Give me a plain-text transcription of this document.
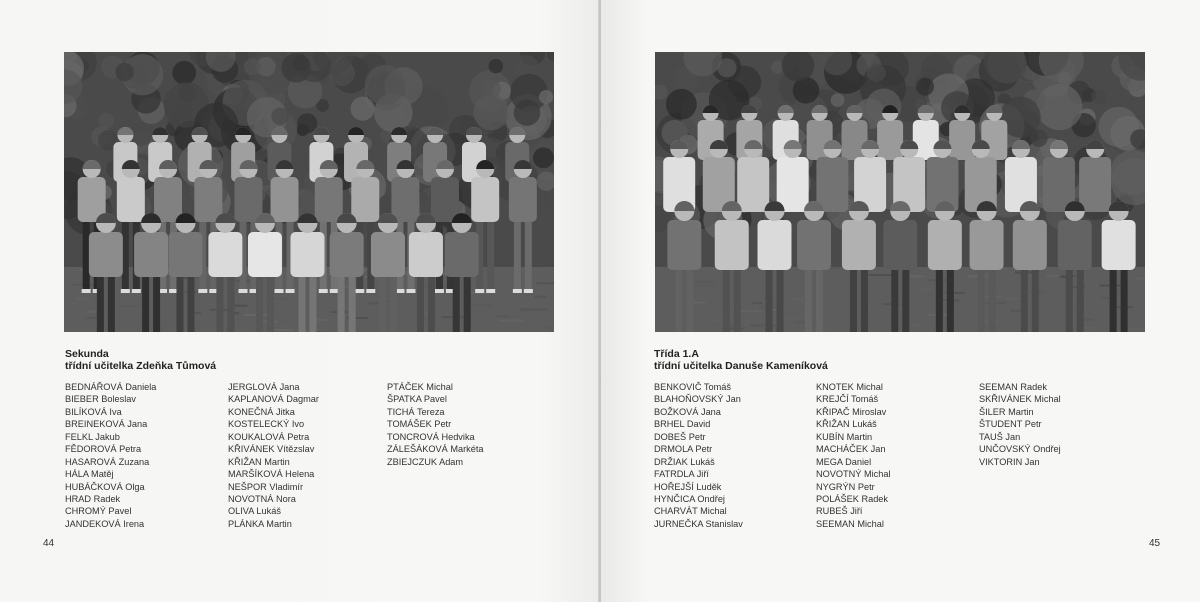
Sekunda
třídní učitelka Zdeňka Tůmová
BEDNÁŘOVÁ Daniela
BIEBER Boleslav
BILÍKOVÁ Iva
BREINEKOVÁ Jana
FELKL Jakub
FĚDOROVÁ Petra
HASAROVÁ Zuzana
HÁLA Matěj
HUBÁČKOVÁ Olga
HRAD Radek
CHROMÝ Pavel
JANDEKOVÁ Irena
JERGLOVÁ Jana
KAPLANOVÁ Dagmar
KONEČNÁ Jitka
KOSTELECKÝ Ivo
KOUKALOVÁ Petra
KŘIVÁNEK Vítězslav
KŘIŽAN Martin
MARŠÍKOVÁ Helena
NEŠPOR Vladimír
NOVOTNÁ Nora
OLIVA Lukáš
PLÁNKA Martin
PTÁČEK Michal
ŠPATKA Pavel
TICHÁ Tereza
TOMÁŠEK Petr
TONCROVÁ Hedvika
ZÁLEŠÁKOVÁ Markéta
ZBIEJCZUK Adam
44
Třída 1.A
třídní učitelka Danuše Kameníková
BENKOVIČ Tomáš
BLAHOŇOVSKÝ Jan
BOŽKOVÁ Jana
BRHEL David
DOBEŠ Petr
DRMOLA Petr
DRŽIAK Lukáš
FATRDLA Jiří
HOŘEJŠÍ Luděk
HYNČICA Ondřej
CHARVÁT Michal
JURNEČKA Stanislav
KNOTEK Michal
KREJČÍ Tomáš
KŘIPAČ Miroslav
KŘIŽAN Lukáš
KUBÍN Martin
MACHÁČEK Jan
MEGA Daniel
NOVOTNÝ Michal
NYGRÝN Petr
POLÁŠEK Radek
RUBEŠ Jiří
SEEMAN Michal
SEEMAN Radek
SKŘIVÁNEK Michal
ŠILER Martin
ŠTUDENT Petr
TAUŠ Jan
UNČOVSKÝ Ondřej
VIKTORIN Jan
45
